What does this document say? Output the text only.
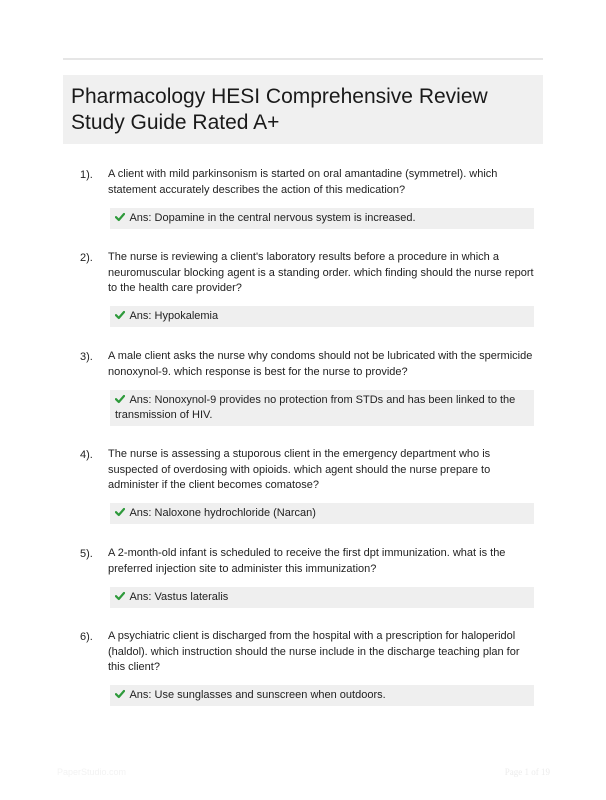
Pharmacology HESI Comprehensive Review
Study Guide Rated A+
1). A client with mild parkinsonism is started on oral amantadine (symmetrel). which statement accurately describes the action of this medication?

Ans: Dopamine in the central nervous system is increased.
2). The nurse is reviewing a client's laboratory results before a procedure in which a neuromuscular blocking agent is a standing order. which finding should the nurse report to the health care provider?

Ans: Hypokalemia
3). A male client asks the nurse why condoms should not be lubricated with the spermicide nonoxynol-9. which response is best for the nurse to provide?

Ans: Nonoxynol-9 provides no protection from STDs and has been linked to the transmission of HIV.
4). The nurse is assessing a stuporous client in the emergency department who is suspected of overdosing with opioids. which agent should the nurse prepare to administer if the client becomes comatose?

Ans: Naloxone hydrochloride (Narcan)
5). A 2-month-old infant is scheduled to receive the first dpt immunization. what is the preferred injection site to administer this immunization?

Ans: Vastus lateralis
6). A psychiatric client is discharged from the hospital with a prescription for haloperidol (haldol). which instruction should the nurse include in the discharge teaching plan for this client?

Ans: Use sunglasses and sunscreen when outdoors.
PaperStudio.com	Page 1 of 19
